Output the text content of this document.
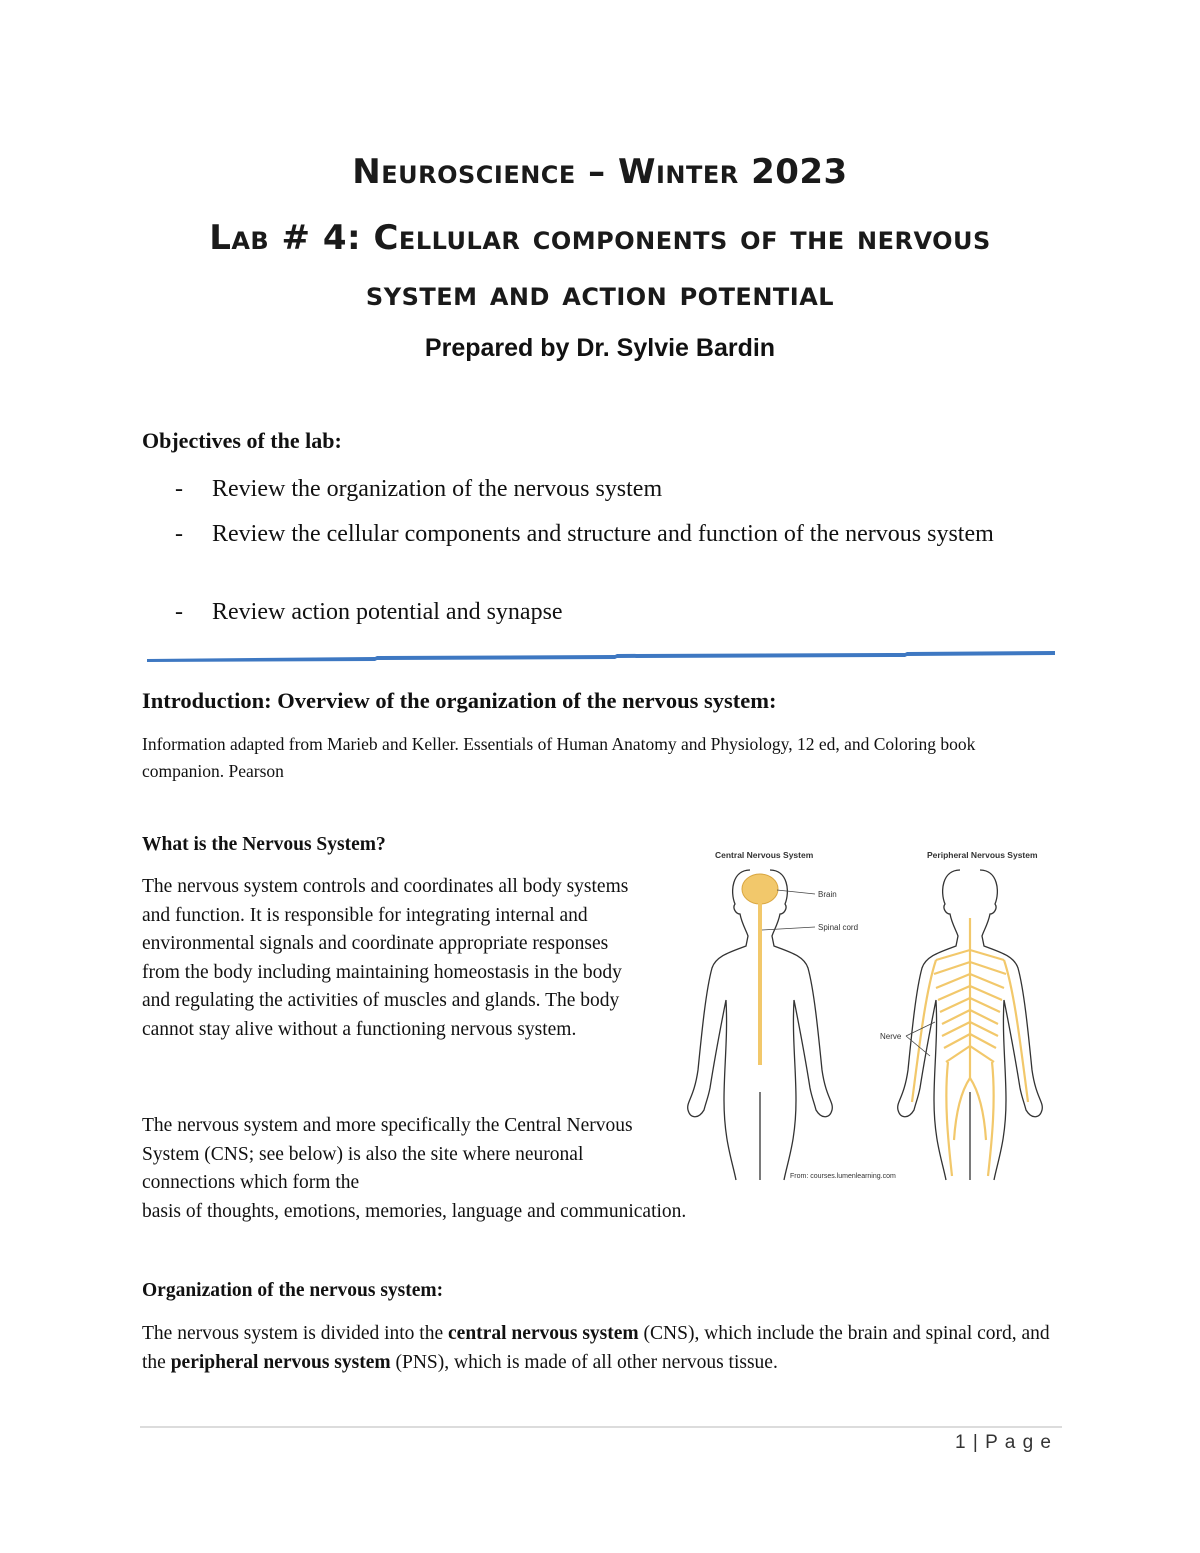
Neuroscience – Winter 2023
Lab # 4: Cellular components of the nervous
system and action potential
Prepared by Dr. Sylvie Bardin
Objectives of the lab:
-	Review the organization of the nervous system
-	Review the cellular components and structure and function of the nervous system
-	Review action potential and synapse
Introduction: Overview of the organization of the nervous system:
Information adapted from Marieb and Keller. Essentials of Human Anatomy and Physiology, 12 ed, and Coloring book companion. Pearson
What is the Nervous System?
The nervous system controls and coordinates all body systems and function. It is responsible for integrating internal and environmental signals and coordinate appropriate responses from the body including maintaining homeostasis in the body and regulating the activities of muscles and glands. The body cannot stay alive without a functioning nervous system.
The nervous system and more specifically the Central Nervous System (CNS; see below) is also the site where neuronal connections which form the
basis of thoughts, emotions, memories, language and communication.
Central Nervous System	Peripheral Nervous System
Brain
Spinal cord
Nerve
From: courses.lumenlearning.com
Organization of the nervous system:
The nervous system is divided into the central nervous system (CNS), which include the brain and spinal cord, and the peripheral nervous system (PNS), which is made of all other nervous tissue.
1 | P a g e
